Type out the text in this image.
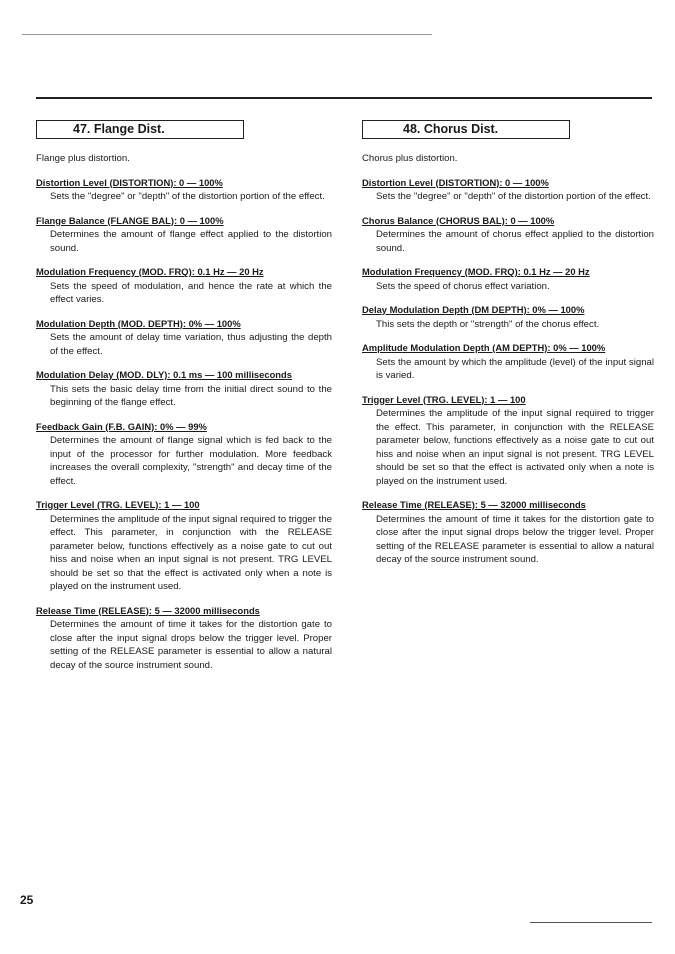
47. Flange Dist.
Flange plus distortion.
Distortion Level (DISTORTION): 0 — 100%
Sets the "degree" or "depth" of the distortion portion of the effect.
Flange Balance (FLANGE BAL): 0 — 100%
Determines the amount of flange effect applied to the distortion sound.
Modulation Frequency (MOD. FRQ): 0.1 Hz — 20 Hz
Sets the speed of modulation, and hence the rate at which the effect varies.
Modulation Depth (MOD. DEPTH): 0% — 100%
Sets the amount of delay time variation, thus adjusting the depth of the effect.
Modulation Delay (MOD. DLY): 0.1 ms — 100 milliseconds
This sets the basic delay time from the initial direct sound to the beginning of the flange effect.
Feedback Gain (F.B. GAIN): 0% — 99%
Determines the amount of flange signal which is fed back to the input of the processor for further modulation. More feedback increases the overall complexity, "strength" and decay time of the effect.
Trigger Level (TRG. LEVEL): 1 — 100
Determines the amplitude of the input signal required to trigger the effect. This parameter, in conjunction with the RELEASE parameter below, functions effectively as a noise gate to cut out hiss and noise when an input signal is not present. TRG LEVEL should be set so that the effect is activated only when a note is played on the instrument used.
Release Time (RELEASE): 5 — 32000 milliseconds
Determines the amount of time it takes for the distortion gate to close after the input signal drops below the trigger level. Proper setting of the RELEASE parameter is essential to allow a natural decay of the source instrument sound.
48. Chorus Dist.
Chorus plus distortion.
Distortion Level (DISTORTION): 0 — 100%
Sets the "degree" or "depth" of the distortion portion of the effect.
Chorus Balance (CHORUS BAL): 0 — 100%
Determines the amount of chorus effect applied to the distortion sound.
Modulation Frequency (MOD. FRQ): 0.1 Hz — 20 Hz
Sets the speed of chorus effect variation.
Delay Modulation Depth (DM DEPTH): 0% — 100%
This sets the depth or "strength" of the chorus effect.
Amplitude Modulation Depth (AM DEPTH): 0% — 100%
Sets the amount by which the amplitude (level) of the input signal is varied.
Trigger Level (TRG. LEVEL): 1 — 100
Determines the amplitude of the input signal required to trigger the effect. This parameter, in conjunction with the RELEASE parameter below, functions effectively as a noise gate to cut out hiss and noise when an input signal is not present. TRG LEVEL should be set so that the effect is activated only when a note is played on the instrument used.
Release Time (RELEASE): 5 — 32000 milliseconds
Determines the amount of time it takes for the distortion gate to close after the input signal drops below the trigger level. Proper setting of the RELEASE parameter is essential to allow a natural decay of the source instrument sound.
25
